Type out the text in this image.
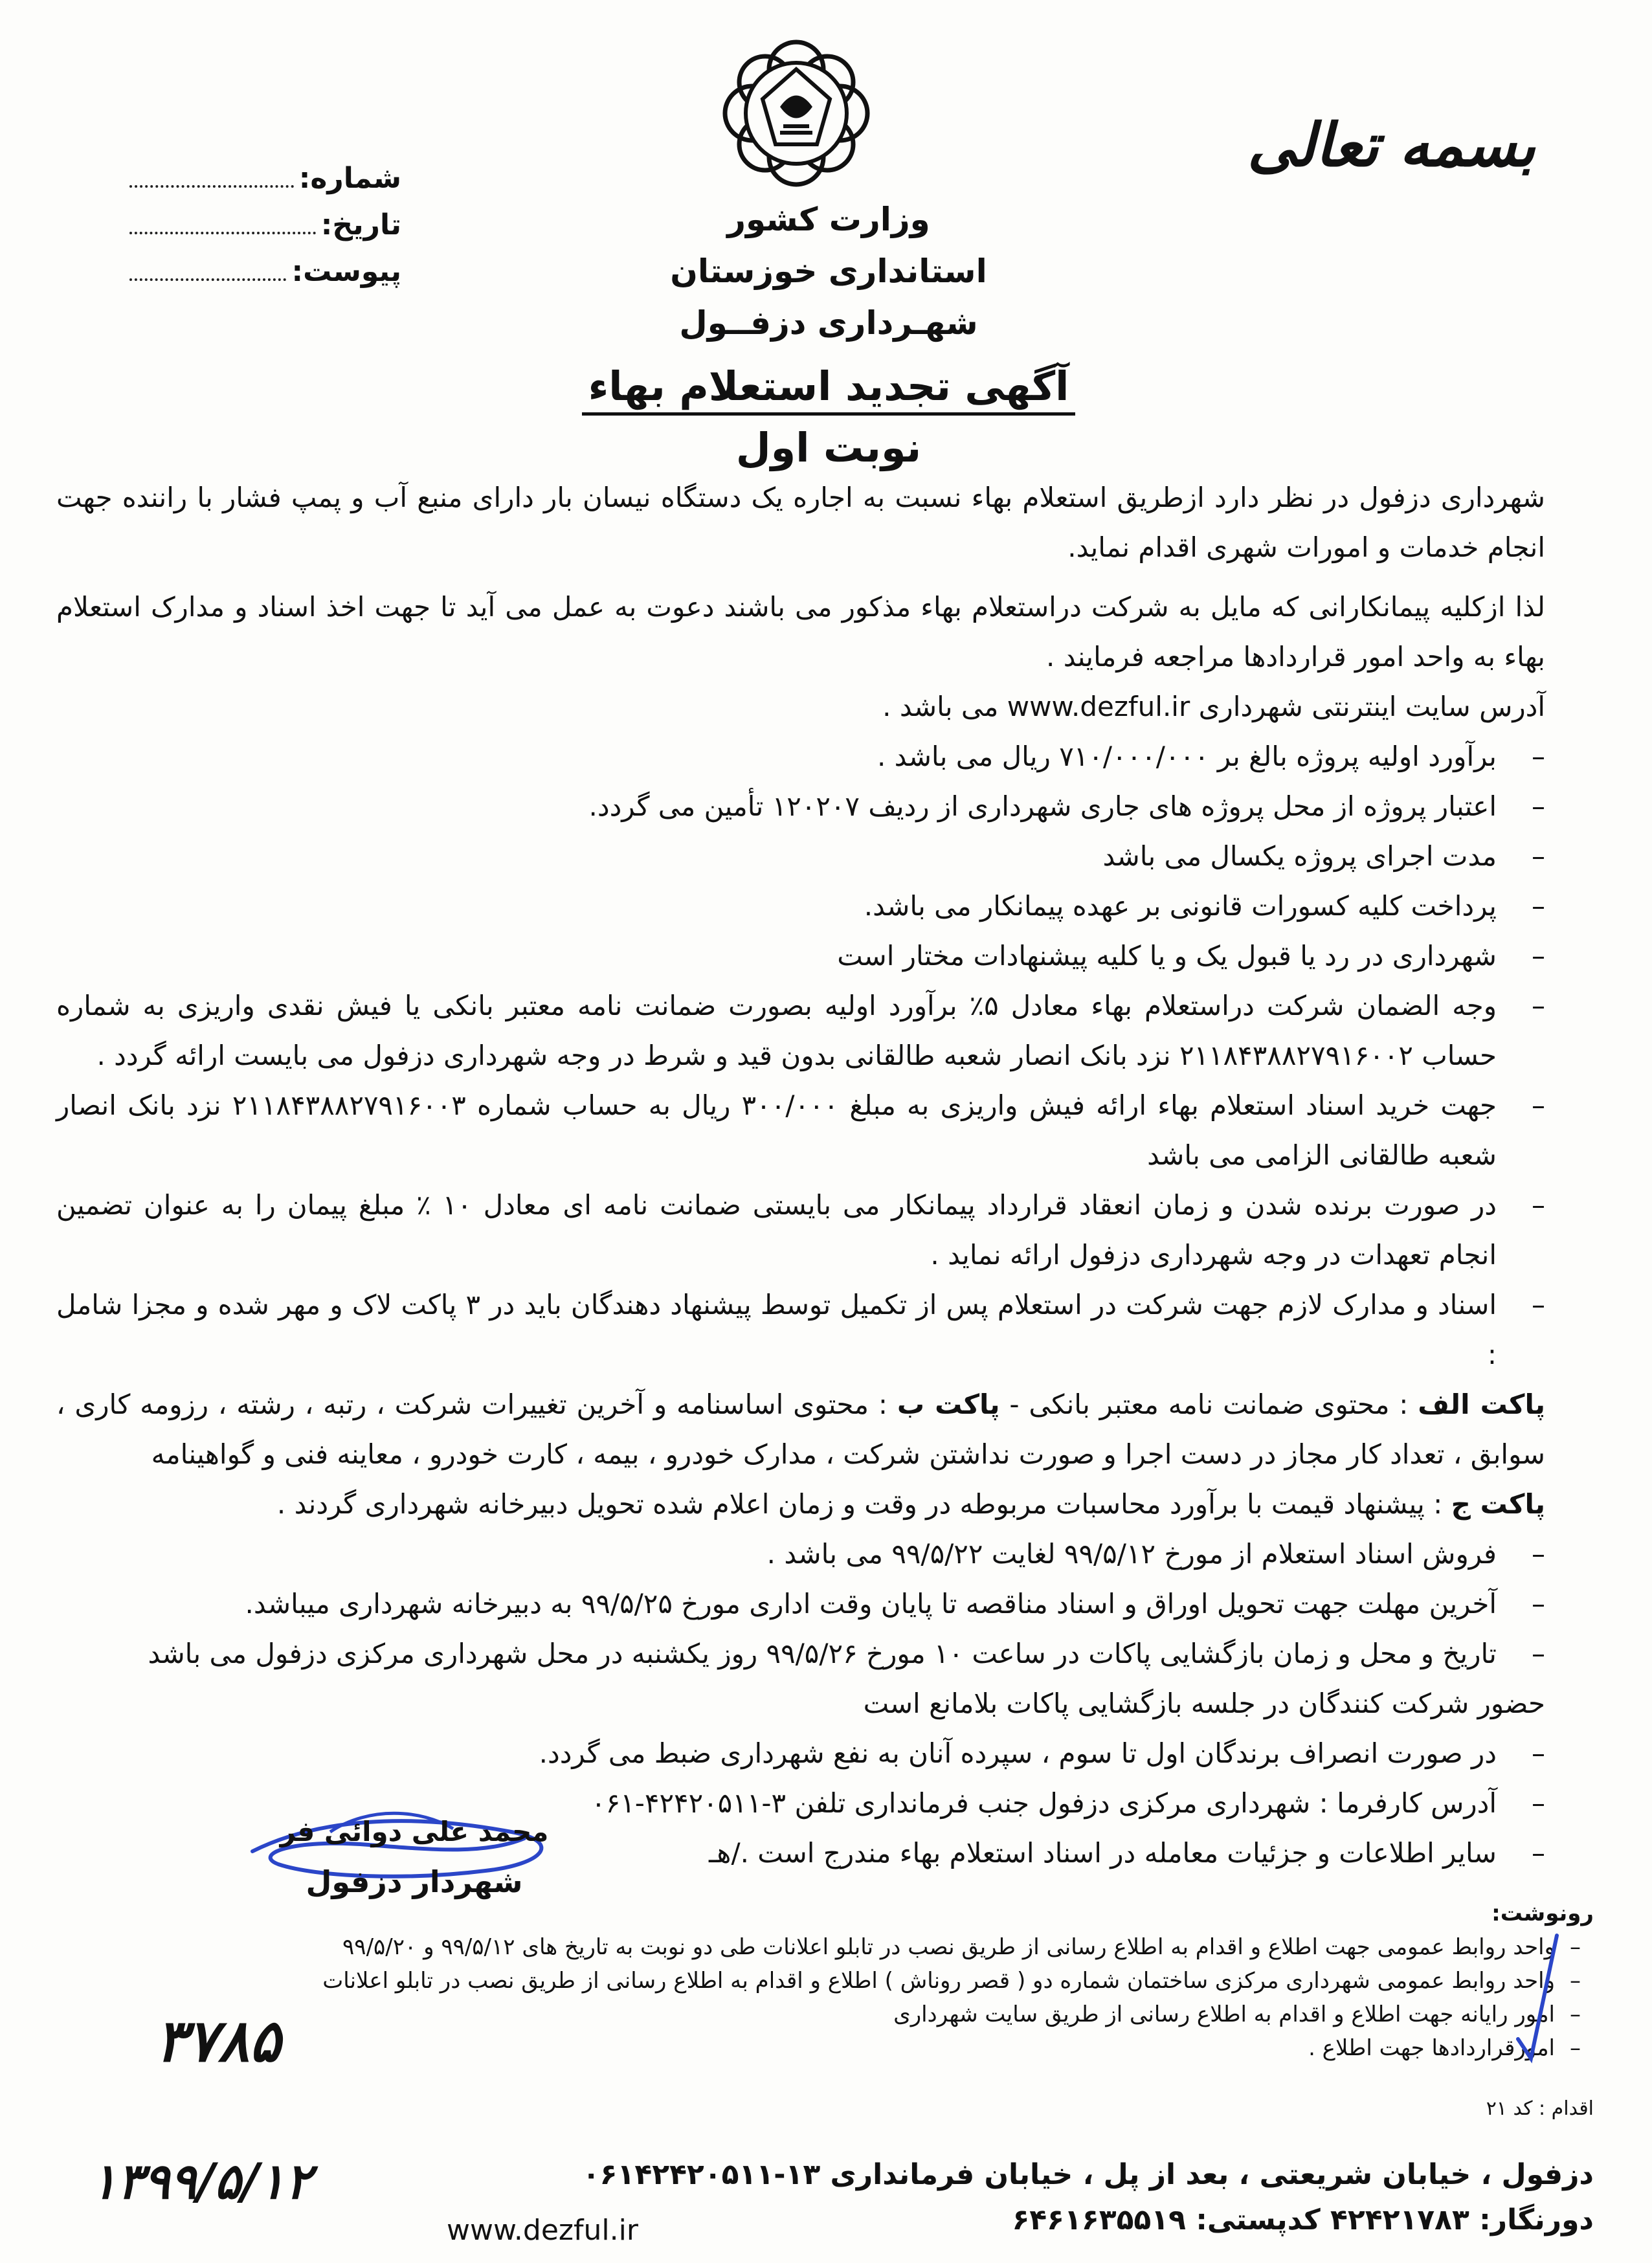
بسمه تعالی
شماره:
تاریخ:
پیوست:
وزارت کشور
استانداری خوزستان
شهـرداری دزفــول
آگهی تجدید استعلام بهاء
نوبت اول

شهرداری دزفول در نظر دارد ازطریق استعلام بهاء نسبت به اجاره یک دستگاه نیسان بار دارای منبع آب و پمپ فشار با راننده جهت انجام خدمات و امورات شهری اقدام نماید.

لذا ازکلیه پیمانکارانی که مایل به شرکت دراستعلام بهاء مذکور می باشند دعوت به عمل می آید تا جهت اخذ اسناد و مدارک استعلام بهاء به واحد امور قراردادها مراجعه فرمایند .

آدرس سایت اینترنتی شهرداری www.dezful.ir می باشد .

– برآورد اولیه پروژه بالغ بر ۷۱۰/۰۰۰/۰۰۰ ریال می باشد .
– اعتبار پروژه از محل پروژه های جاری شهرداری از ردیف ۱۲۰۲۰۷ تأمین می گردد.
– مدت اجرای پروژه یکسال می باشد
– پرداخت کلیه کسورات قانونی بر عهده پیمانکار می باشد.
– شهرداری در رد یا قبول یک و یا کلیه پیشنهادات مختار است
– وجه الضمان شرکت دراستعلام بهاء معادل ۵٪ برآورد اولیه بصورت ضمانت نامه معتبر بانکی یا فیش نقدی واریزی به شماره حساب ۲۱۱۸۴۳۸۸۲۷۹۱۶۰۰۲ نزد بانک انصار شعبه طالقانی بدون قید و شرط در وجه شهرداری دزفول می بایست ارائه گردد .
– جهت خرید اسناد استعلام بهاء ارائه فیش واریزی به مبلغ ۳۰۰/۰۰۰ ریال به حساب شماره ۲۱۱۸۴۳۸۸۲۷۹۱۶۰۰۳ نزد بانک انصار شعبه طالقانی الزامی می باشد
– در صورت برنده شدن و زمان انعقاد قرارداد پیمانکار می بایستی ضمانت نامه ای معادل ۱۰ ٪ مبلغ پیمان را به عنوان تضمین انجام تعهدات در وجه شهرداری دزفول ارائه نماید .
– اسناد و مدارک لازم جهت شرکت در استعلام پس از تکمیل توسط پیشنهاد دهندگان باید در ۳ پاکت لاک و مهر شده و مجزا شامل :
پاکت الف : محتوی ضمانت نامه معتبر بانکی - پاکت ب : محتوی اساسنامه و آخرین تغییرات شرکت ، رتبه ، رشته ، رزومه کاری ، سوابق ، تعداد کار مجاز در دست اجرا و صورت نداشتن شرکت ، مدارک خودرو ، بیمه ، کارت خودرو ، معاینه فنی و گواهینامه
پاکت ج : پیشنهاد قیمت با برآورد محاسبات مربوطه در وقت و زمان اعلام شده تحویل دبیرخانه شهرداری گردند .
– فروش اسناد استعلام از مورخ ۹۹/۵/۱۲ لغایت ۹۹/۵/۲۲ می باشد .
– آخرین مهلت جهت تحویل اوراق و اسناد مناقصه تا پایان وقت اداری مورخ ۹۹/۵/۲۵ به دبیرخانه شهرداری میباشد.
– تاریخ و محل و زمان بازگشایی پاکات در ساعت ۱۰ مورخ ۹۹/۵/۲۶ روز یکشنبه در محل شهرداری مرکزی دزفول می باشد
حضور شرکت کنندگان در جلسه بازگشایی پاکات بلامانع است
– در صورت انصراف برندگان اول تا سوم ، سپرده آنان به نفع شهرداری ضبط می گردد.
– آدرس کارفرما : شهرداری مرکزی دزفول جنب فرمانداری تلفن ۳-۴۲۴۲۰۵۱۱-۰۶۱
– سایر اطلاعات و جزئیات معامله در اسناد استعلام بهاء مندرج است ./هـ
محمد علی دوائی فر
شهردار دزفول
رونوشت:
– واحد روابط عمومی جهت اطلاع و اقدام به اطلاع رسانی از طریق نصب در تابلو اعلانات طی دو نوبت به تاریخ های ۹۹/۵/۱۲ و ۹۹/۵/۲۰
– واحد روابط عمومی شهرداری مرکزی ساختمان شماره دو ( قصر روناش ) اطلاع و اقدام به اطلاع رسانی از طریق نصب در تابلو اعلانات
– امور رایانه جهت اطلاع و اقدام به اطلاع رسانی از طریق سایت شهرداری
– امورقراردادها جهت اطلاع .
اقدام : کد ۲۱
۳۷۸۵
۱۳۹۹/۵/۱۲	دزفول ، خیابان شریعتی ، بعد از پل ، خیابان فرمانداری ۱۳-۰۶۱۴۲۴۲۰۵۱۱
دورنگار: ۴۲۴۲۱۷۸۳ کدپستی: ۶۴۶۱۶۳۵۵۱۹
www.dezful.ir
